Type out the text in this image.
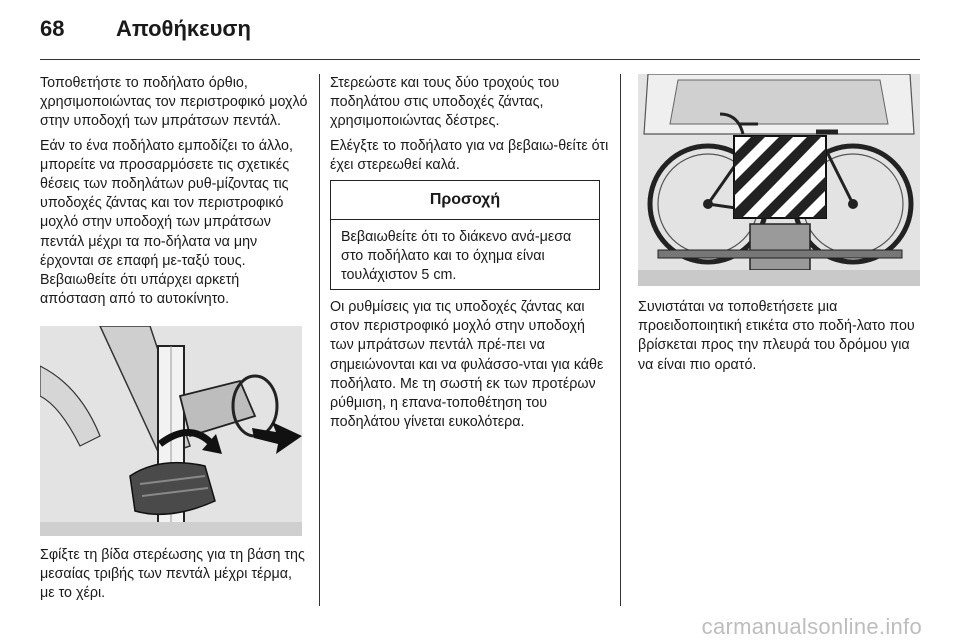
68 Αποθήκευση

Τοποθετήστε το ποδήλατο όρθιο, χρησιμοποιώντας τον περιστροφικό μοχλό στην υποδοχή των μπράτσων πεντάλ.

Εάν το ένα ποδήλατο εμποδίζει το άλλο, μπορείτε να προσαρμόσετε τις σχετικές θέσεις των ποδηλάτων ρυθ-μίζοντας τις υποδοχές ζάντας και τον περιστροφικό μοχλό στην υποδοχή των μπράτσων πεντάλ μέχρι τα πο-δήλατα να μην έρχονται σε επαφή με-ταξύ τους. Βεβαιωθείτε ότι υπάρχει αρκετή απόσταση από το αυτοκίνητο.

Σφίξτε τη βίδα στερέωσης για τη βάση της μεσαίας τριβής των πεντάλ μέχρι τέρμα, με το χέρι.

Στερεώστε και τους δύο τροχούς του ποδηλάτου στις υποδοχές ζάντας, χρησιμοποιώντας δέστρες.

Ελέγξτε το ποδήλατο για να βεβαιω-θείτε ότι έχει στερεωθεί καλά.

Προσοχή
Βεβαιωθείτε ότι το διάκενο ανά-μεσα στο ποδήλατο και το όχημα είναι τουλάχιστον 5 cm.

Οι ρυθμίσεις για τις υποδοχές ζάντας και στον περιστροφικό μοχλό στην υποδοχή των μπράτσων πεντάλ πρέ-πει να σημειώνονται και να φυλάσσο-νται για κάθε ποδήλατο. Με τη σωστή εκ των προτέρων ρύθμιση, η επανα-τοποθέτηση του ποδηλάτου γίνεται ευκολότερα.

Συνιστάται να τοποθετήσετε μια προειδοποιητική ετικέτα στο ποδή-λατο που βρίσκεται προς την πλευρά του δρόμου για να είναι πιο ορατό.

carmanualsonline.info
